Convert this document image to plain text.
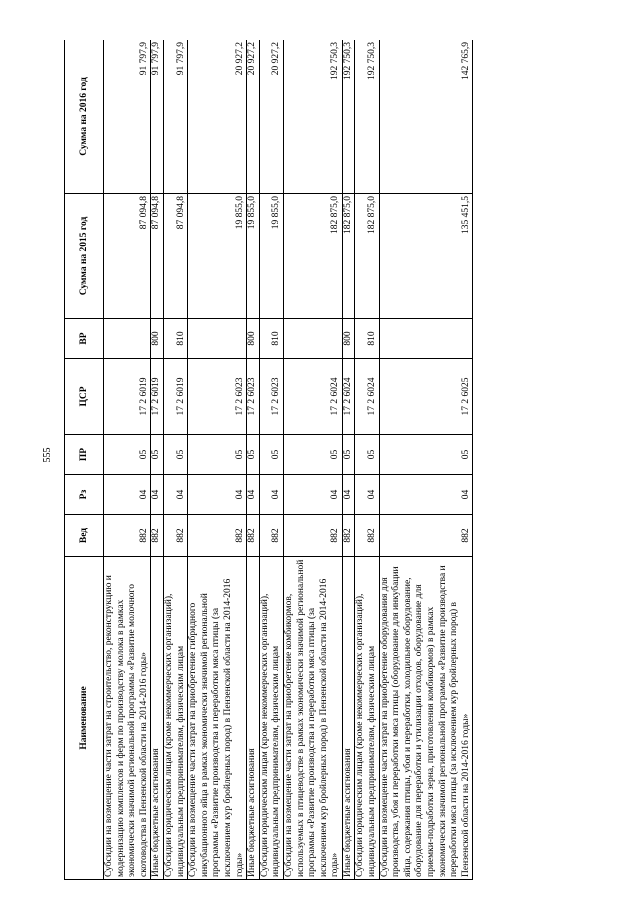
555
Наименование	Вед	Рз	ПР	ЦСР	ВР	Сумма на 2015 год	Сумма на 2016 год
Субсидии на возмещение части затрат на строительство, реконструкцию и модернизацию комплексов и ферм по производству молока в рамках экономически значимой региональной программы «Развитие молочного скотоводства в Пензенской области на 2014-2016 годы»	882	04	05	17 2 6019		87 094,8	91 797,9
Иные бюджетные ассигнования	882	04	05	17 2 6019	800	87 094,8	91 797,9
Субсидии юридическим лицам (кроме некоммерческих организаций), индивидуальным предпринимателям, физическим лицам	882	04	05	17 2 6019	810	87 094,8	91 797,9
Субсидии на возмещение части затрат на приобретение гибридного инкубационного яйца в рамках экономически значимой региональной программы «Развитие производства и переработки мяса птицы (за исключением кур бройлерных пород) в Пензенской области на 2014-2016 годы»	882	04	05	17 2 6023		19 855,0	20 927,2
Иные бюджетные ассигнования	882	04	05	17 2 6023	800	19 855,0	20 927,2
Субсидии юридическим лицам (кроме некоммерческих организаций), индивидуальным предпринимателям, физическим лицам	882	04	05	17 2 6023	810	19 855,0	20 927,2
Субсидии на возмещение части затрат на приобретение комбикормов, используемых в птицеводстве в рамках экономически значимой региональной программы «Развитие производства и переработки мяса птицы (за исключением кур бройлерных пород) в Пензенской области на 2014-2016 годы»	882	04	05	17 2 6024		182 875,0	192 750,3
Иные бюджетные ассигнования	882	04	05	17 2 6024	800	182 875,0	192 750,3
Субсидии юридическим лицам (кроме некоммерческих организаций), индивидуальным предпринимателям, физическим лицам	882	04	05	17 2 6024	810	182 875,0	192 750,3
Субсидии на возмещение части затрат на приобретение оборудования для производства, убоя и переработки мяса птицы (оборудование для инкубации яйца, содержания птицы, убоя и переработки, холодильное оборудование, оборудование для переработки и утилизации отходов, оборудование для приемки-подработки зерна, приготовления комбикормов) в рамках экономически значимой региональной программы «Развитие производства и переработки мяса птицы (за исключением кур бройлерных пород) в Пензенской области на 2014-2016 годы»	882	04	05	17 2 6025		135 451,5	142 765,9
